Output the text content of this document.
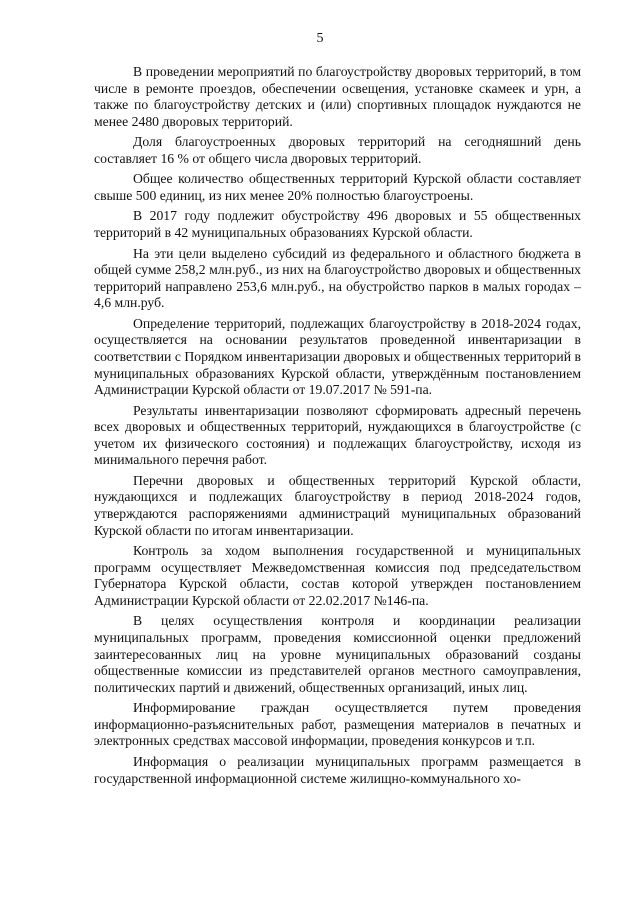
5

В проведении мероприятий по благоустройству дворовых территорий, в том числе в ремонте проездов, обеспечении освещения, установке скамеек и урн, а также по благоустройству детских и (или) спортивных площадок нуждаются не менее 2480 дворовых территорий.

Доля благоустроенных дворовых территорий на сегодняшний день составляет 16 % от общего числа дворовых территорий.

Общее количество общественных территорий Курской области составляет свыше 500 единиц, из них менее 20% полностью благоустроены.

В 2017 году подлежит обустройству 496 дворовых и 55 общественных территорий в 42 муниципальных образованиях Курской области.

На эти цели выделено субсидий из федерального и областного бюджета в общей сумме 258,2 млн.руб., из них на благоустройство дворовых и общественных территорий направлено 253,6 млн.руб., на обустройство парков в малых городах – 4,6 млн.руб.

Определение территорий, подлежащих благоустройству в 2018-2024 годах, осуществляется на основании результатов проведенной инвентаризации в соответствии с Порядком инвентаризации дворовых и общественных территорий в муниципальных образованиях Курской области, утверждённым постановлением Администрации Курской области от 19.07.2017 № 591-па.

Результаты инвентаризации позволяют сформировать адресный перечень всех дворовых и общественных территорий, нуждающихся в благоустройстве (с учетом их физического состояния) и подлежащих благоустройству, исходя из минимального перечня работ.

Перечни дворовых и общественных территорий Курской области, нуждающихся и подлежащих благоустройству в период 2018-2024 годов, утверждаются распоряжениями администраций муниципальных образований Курской области по итогам инвентаризации.

Контроль за ходом выполнения государственной и муниципальных программ осуществляет Межведомственная комиссия под председательством Губернатора Курской области, состав которой утвержден постановлением Администрации Курской области от 22.02.2017 №146-па.

В целях осуществления контроля и координации реализации муниципальных программ, проведения комиссионной оценки предложений заинтересованных лиц на уровне муниципальных образований созданы общественные комиссии из представителей органов местного самоуправления, политических партий и движений, общественных организаций, иных лиц.

Информирование граждан осуществляется путем проведения информационно-разъяснительных работ, размещения материалов в печатных и электронных средствах массовой информации, проведения конкурсов и т.п.

Информация о реализации муниципальных программ размещается в государственной информационной системе жилищно-коммунального хо-
